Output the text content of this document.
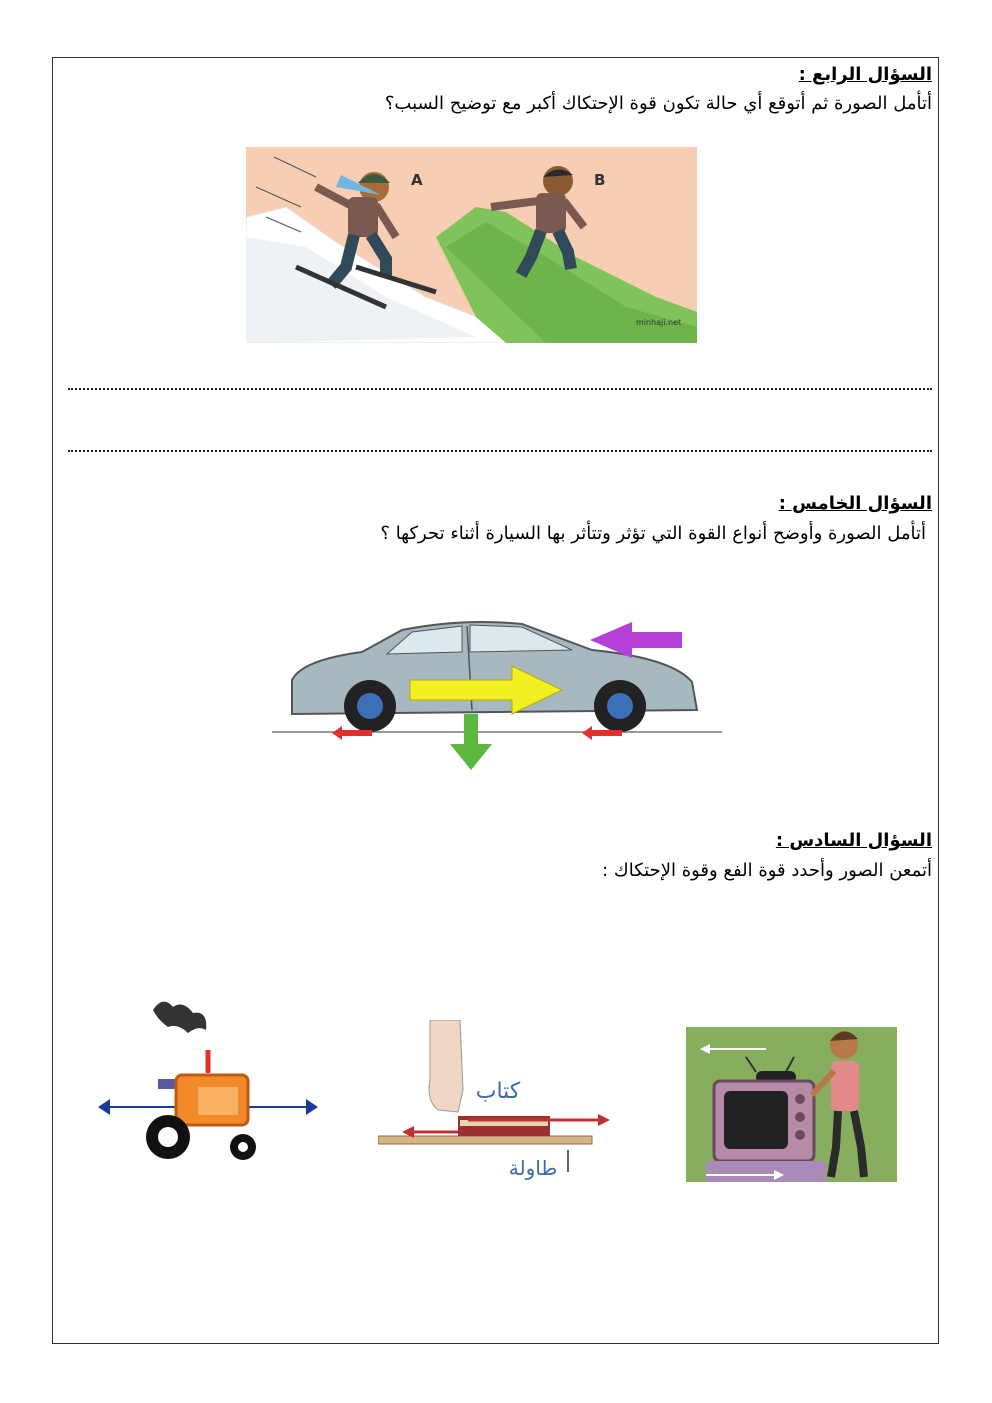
السؤال الرابع :
أتأمل الصورة ثم أتوقع أي حالة تكون قوة الإحتكاك أكبر مع توضيح السبب؟
A	B
minhaji.net
السؤال الخامس :
أتأمل الصورة وأوضح أنواع القوة التي تؤثر وتتأثر بها السيارة أثناء تحركها ؟
السؤال السادس :
أتمعن الصور وأحدد قوة الفع وقوة الإحتكاك :
كتاب
طاولة
